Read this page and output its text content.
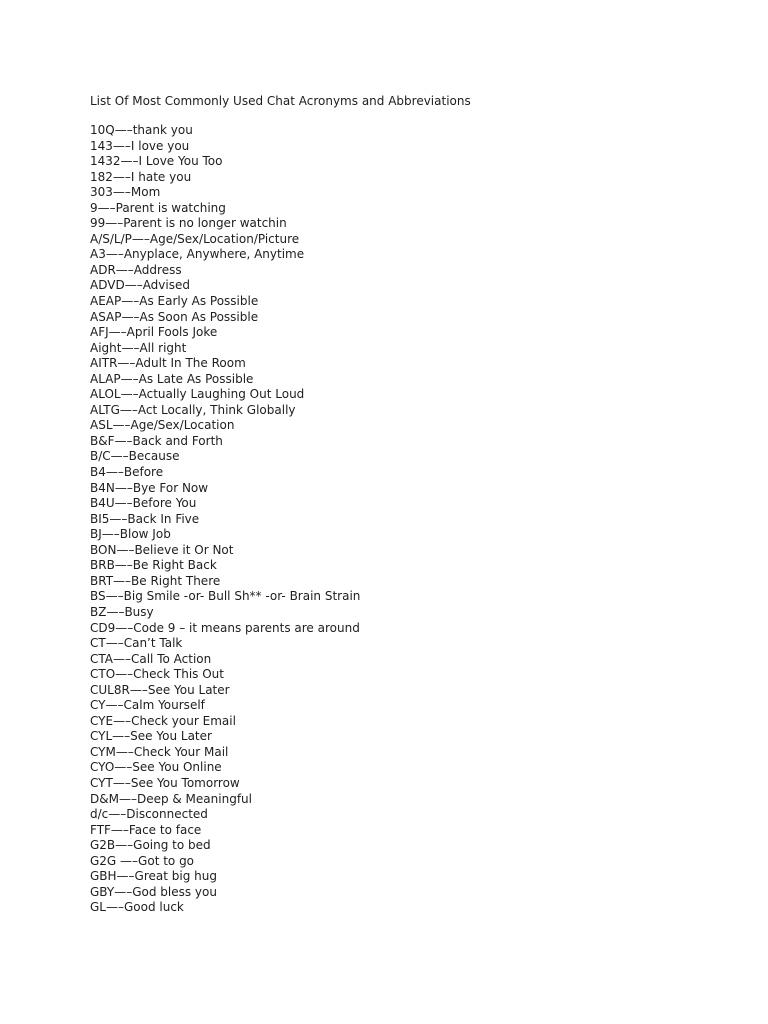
List Of Most Commonly Used Chat Acronyms and Abbreviations
10Q—–thank you
143—–I love you
1432—–I Love You Too
182—–I hate you
303—–Mom
9—–Parent is watching
99—–Parent is no longer watchin
A/S/L/P—–Age/Sex/Location/Picture
A3—–Anyplace, Anywhere, Anytime
ADR—–Address
ADVD—–Advised
AEAP—–As Early As Possible
ASAP—–As Soon As Possible
AFJ—–April Fools Joke
Aight—–All right
AITR—–Adult In The Room
ALAP—–As Late As Possible
ALOL—–Actually Laughing Out Loud
ALTG—–Act Locally, Think Globally
ASL—–Age/Sex/Location
B&F—–Back and Forth
B/C—–Because
B4—–Before
B4N—–Bye For Now
B4U—–Before You
BI5—–Back In Five
BJ—–Blow Job
BON—–Believe it Or Not
BRB—–Be Right Back
BRT—–Be Right There
BS—–Big Smile -or- Bull Sh** -or- Brain Strain
BZ—–Busy
CD9—–Code 9 – it means parents are around
CT—–Can’t Talk
CTA—–Call To Action
CTO—–Check This Out
CUL8R—–See You Later
CY—–Calm Yourself
CYE—–Check your Email
CYL—–See You Later
CYM—–Check Your Mail
CYO—–See You Online
CYT—–See You Tomorrow
D&M—–Deep & Meaningful
d/c—–Disconnected
FTF—–Face to face
G2B—–Going to bed
G2G —–Got to go
GBH—–Great big hug
GBY—–God bless you
GL—–Good luck
